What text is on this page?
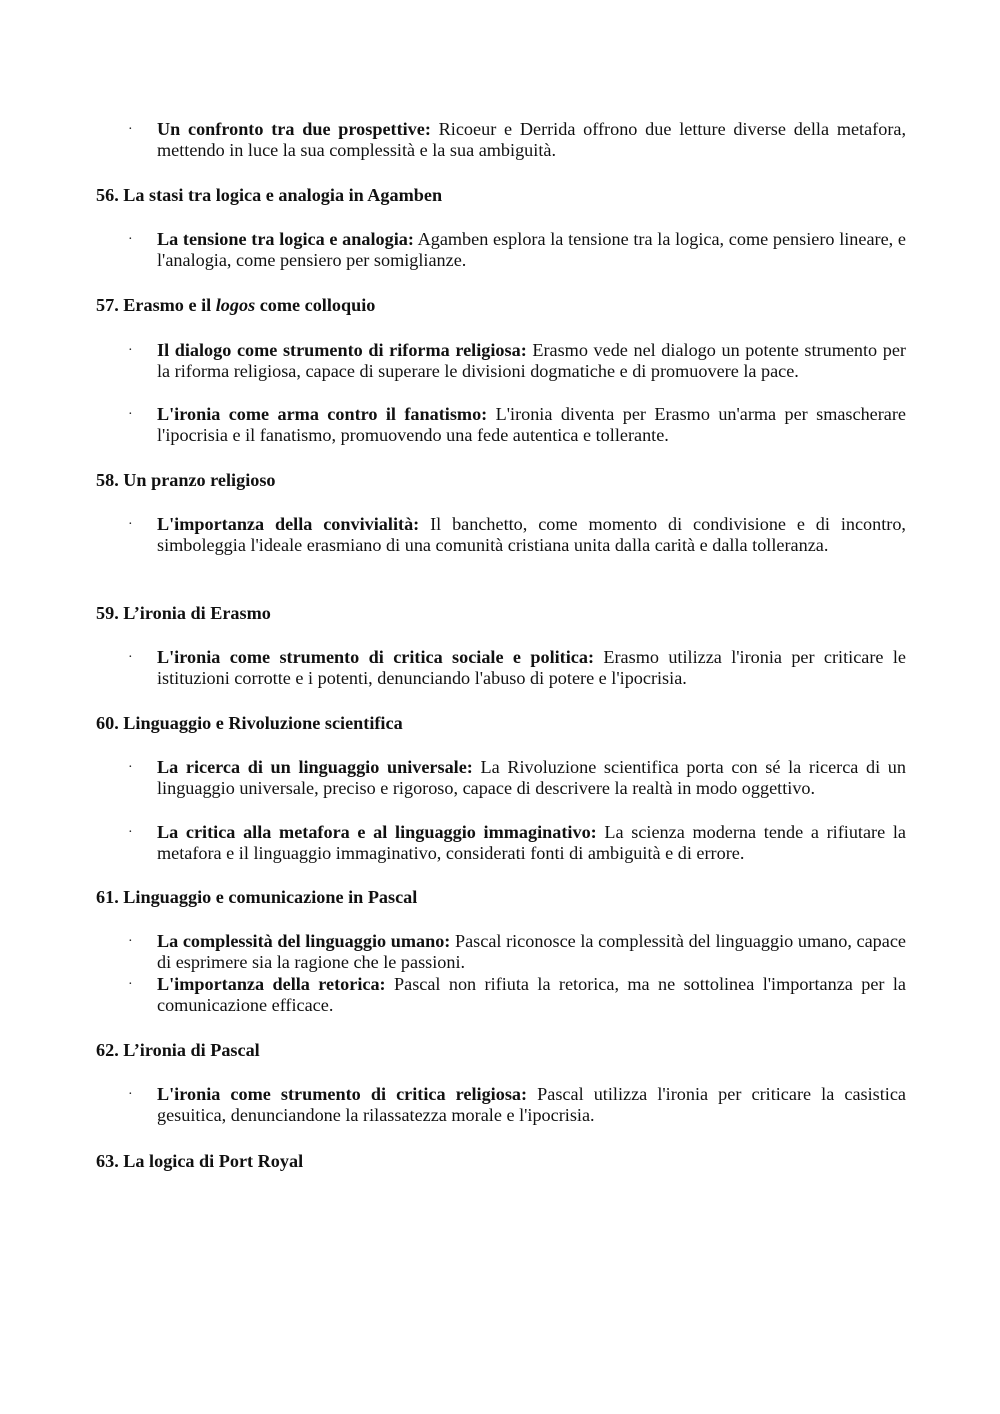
· Un confronto tra due prospettive: Ricoeur e Derrida offrono due letture diverse della metafora, mettendo in luce la sua complessità e la sua ambiguità.
56. La stasi tra logica e analogia in Agamben
· La tensione tra logica e analogia: Agamben esplora la tensione tra la logica, come pensiero lineare, e l'analogia, come pensiero per somiglianze.
57. Erasmo e il logos come colloquio
· Il dialogo come strumento di riforma religiosa: Erasmo vede nel dialogo un potente strumento per la riforma religiosa, capace di superare le divisioni dogmatiche e di promuovere la pace.
· L'ironia come arma contro il fanatismo: L'ironia diventa per Erasmo un'arma per smascherare l'ipocrisia e il fanatismo, promuovendo una fede autentica e tollerante.
58. Un pranzo religioso
· L'importanza della convivialità: Il banchetto, come momento di condivisione e di incontro, simboleggia l'ideale erasmiano di una comunità cristiana unita dalla carità e dalla tolleranza.
59. L’ironia di Erasmo
· L'ironia come strumento di critica sociale e politica: Erasmo utilizza l'ironia per criticare le istituzioni corrotte e i potenti, denunciando l'abuso di potere e l'ipocrisia.
60. Linguaggio e Rivoluzione scientifica
· La ricerca di un linguaggio universale: La Rivoluzione scientifica porta con sé la ricerca di un linguaggio universale, preciso e rigoroso, capace di descrivere la realtà in modo oggettivo.
· La critica alla metafora e al linguaggio immaginativo: La scienza moderna tende a rifiutare la metafora e il linguaggio immaginativo, considerati fonti di ambiguità e di errore.
61. Linguaggio e comunicazione in Pascal
· La complessità del linguaggio umano: Pascal riconosce la complessità del linguaggio umano, capace di esprimere sia la ragione che le passioni.
· L'importanza della retorica: Pascal non rifiuta la retorica, ma ne sottolinea l'importanza per la comunicazione efficace.
62. L’ironia di Pascal
· L'ironia come strumento di critica religiosa: Pascal utilizza l'ironia per criticare la casistica gesuitica, denunciandone la rilassatezza morale e l'ipocrisia.
63. La logica di Port Royal
